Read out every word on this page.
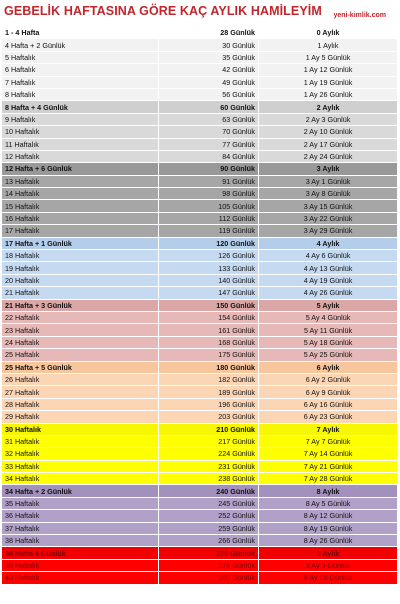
GEBELİK HAFTASINA GÖRE KAÇ AYLIK HAMİLEYİM yeni-kimlik.com
1 - 4 Hafta	28 Günlük	0 Aylık
4 Hafta + 2 Günlük	30 Günlük	1 Aylık
5 Haftalık	35 Günlük	1 Ay 5 Günlük
6 Haftalık	42 Günlük	1 Ay 12 Günlük
7 Haftalık	49 Günlük	1 Ay 19 Günlük
8 Haftalık	56 Günlük	1 Ay 26 Günlük
8 Hafta + 4 Günlük	60 Günlük	2 Aylık
9 Haftalık	63 Günlük	2 Ay 3 Günlük
10 Haftalık	70 Günlük	2 Ay 10 Günlük
11 Haftalık	77 Günlük	2 Ay 17 Günlük
12 Haftalık	84 Günlük	2 Ay 24 Günlük
12 Hafta + 6 Günlük	90 Günlük	3 Aylık
13 Haftalık	91 Günlük	3 Ay 1 Günlük
14 Haftalık	98 Günlük	3 Ay 8 Günlük
15 Haftalık	105 Günlük	3 Ay 15 Günlük
16 Haftalık	112 Günlük	3 Ay 22 Günlük
17 Haftalık	119 Günlük	3 Ay 29 Günlük
17 Hafta + 1 Günlük	120 Günlük	4 Aylık
18 Haftalık	126 Günlük	4 Ay 6 Günlük
19 Haftalık	133 Günlük	4 Ay 13 Günlük
20 Haftalık	140 Günlük	4 Ay 19 Günlük
21 Haftalık	147 Günlük	4 Ay 26 Günlük
21 Hafta + 3 Günlük	150 Günlük	5 Aylık
22 Haftalık	154 Günlük	5 Ay 4 Günlük
23 Haftalık	161 Günlük	5 Ay 11 Günlük
24 Haftalık	168 Günlük	5 Ay 18 Günlük
25 Haftalık	175 Günlük	5 Ay 25 Günlük
25 Hafta + 5 Günlük	180 Günlük	6 Aylık
26 Haftalık	182 Günlük	6 Ay 2 Günlük
27 Haftalık	189 Günlük	6 Ay 9 Günlük
28 Haftalık	196 Günlük	6 Ay 16 Günlük
29 Haftalık	203 Günlük	6 Ay 23 Günlük
30 Haftalık	210 Günlük	7 Aylık
31 Haftalık	217 Günlük	7 Ay 7 Günlük
32 Haftalık	224 Günlük	7 Ay 14 Günlük
33 Haftalık	231 Günlük	7 Ay 21 Günlük
34 Haftalık	238 Günlük	7 Ay 28 Günlük
34 Hafta + 2 Günlük	240 Günlük	8 Aylık
35 Haftalık	245 Günlük	8 Ay 5 Günlük
36 Haftalık	252 Günlük	8 Ay 12 Günlük
37 Haftalık	259 Günlük	8 Ay 19 Günlük
38 Haftalık	266 Günlük	8 Ay 26 Günlük
38 Hafta 4 Günlük	270 Günlük	9 Aylık
39 Haftalık	273 Günlük	9 Ay 3 Günlük
40 Haftalık	280 Günlük	9 Ay 10 Günlük
